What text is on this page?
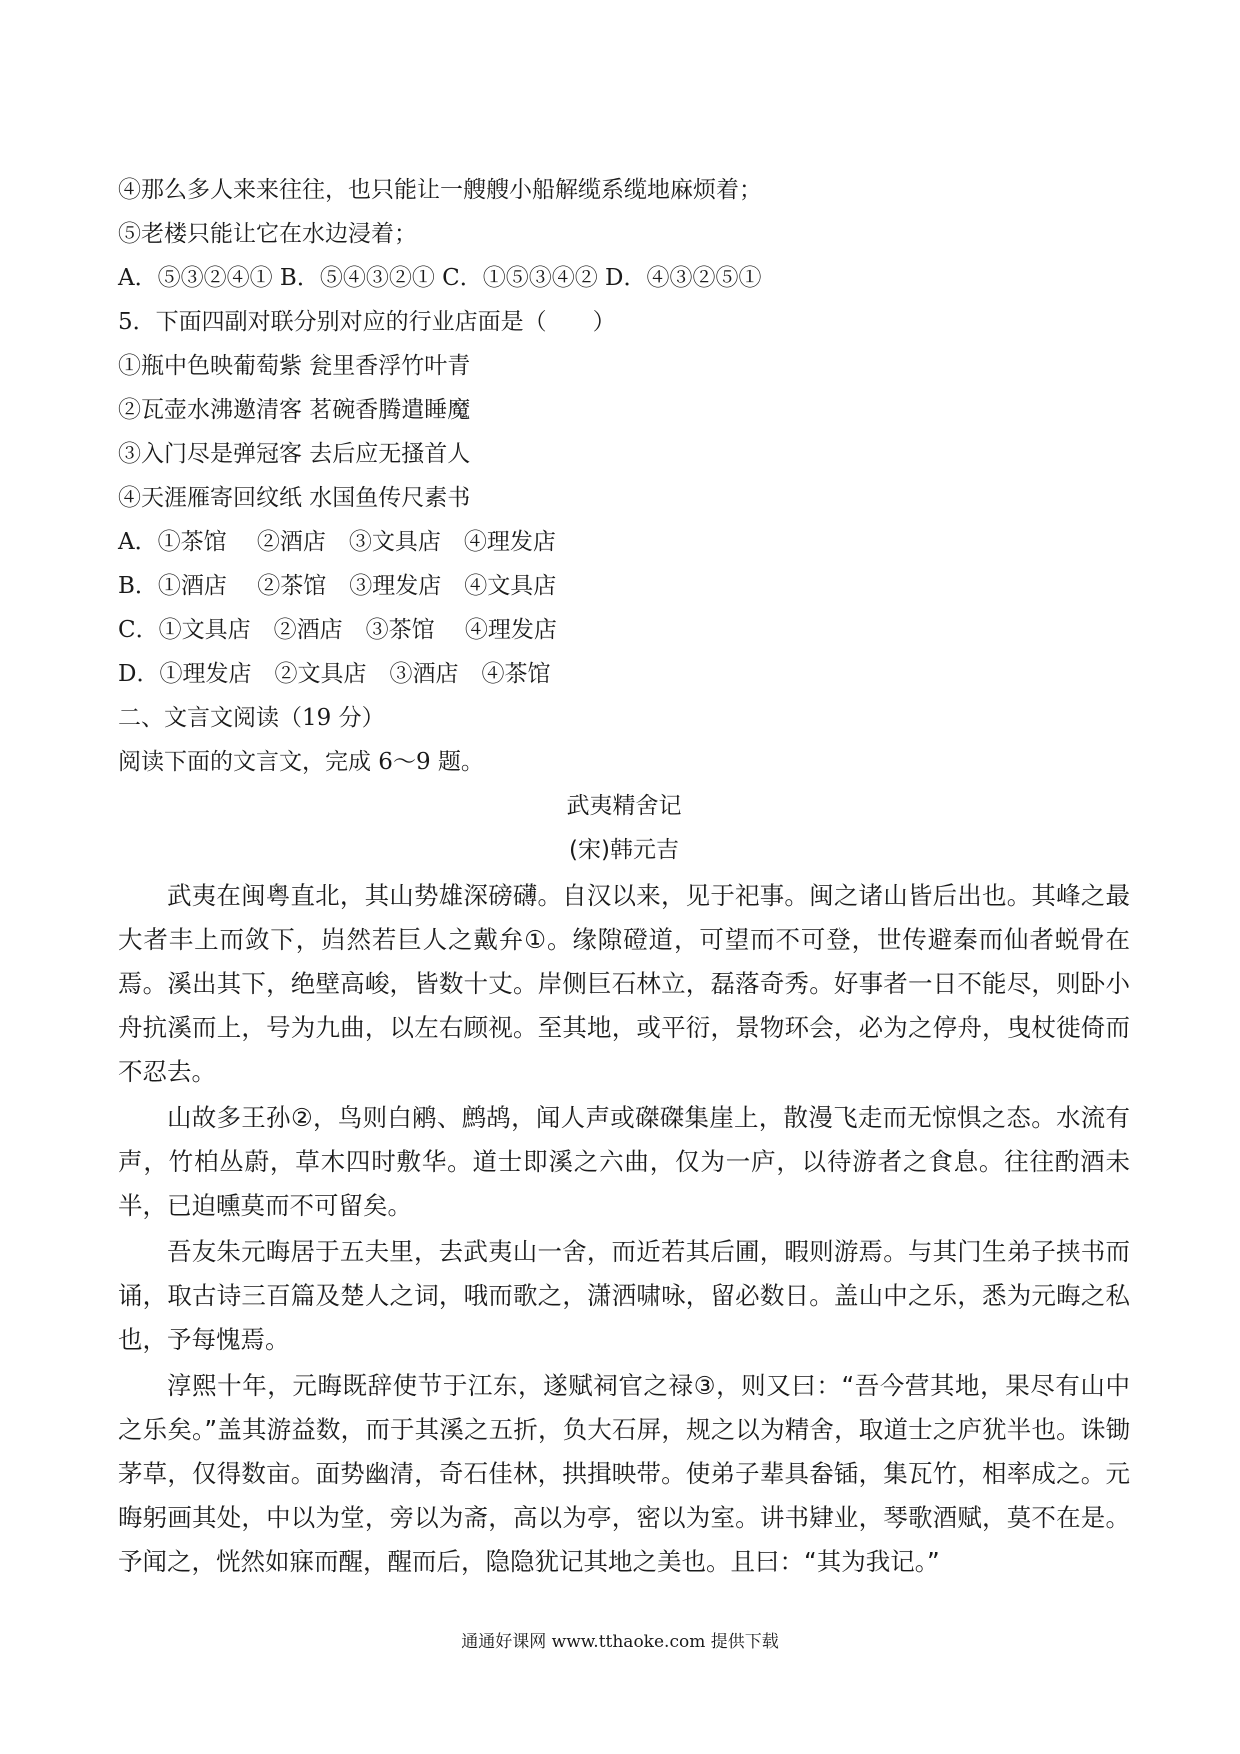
④那么多人来来往往，也只能让一艘艘小船解缆系缆地麻烦着；

⑤老楼只能让它在水边浸着；

A．⑤③②④① B．⑤④③②① C．①⑤③④② D．④③②⑤①

5．下面四副对联分别对应的行业店面是（　　）

①瓶中色映葡萄紫 瓮里香浮竹叶青

②瓦壶水沸邀清客 茗碗香腾遣睡魔

③入门尽是弹冠客 去后应无搔首人

④天涯雁寄回纹纸 水国鱼传尺素书

A．①茶馆　 ②酒店　③文具店　④理发店

B．①酒店　 ②茶馆　③理发店　④文具店

C．①文具店　②酒店　③茶馆　 ④理发店

D．①理发店　②文具店　③酒店　④茶馆

二、文言文阅读（19 分）

阅读下面的文言文，完成 6～9 题。

武夷精舍记

(宋)韩元吉

武夷在闽粤直北，其山势雄深磅礴。自汉以来，见于祀事。闽之诸山皆后出也。其峰之最大者丰上而敛下，岿然若巨人之戴弁①。缘隙磴道，可望而不可登，世传避秦而仙者蜕骨在焉。溪出其下，绝壁高峻，皆数十丈。岸侧巨石林立，磊落奇秀。好事者一日不能尽，则卧小舟抗溪而上，号为九曲，以左右顾视。至其地，或平衍，景物环会，必为之停舟，曳杖徙倚而不忍去。

山故多王孙②，鸟则白鹇、鹧鸪，闻人声或磔磔集崖上，散漫飞走而无惊惧之态。水流有声，竹柏丛蔚，草木四时敷华。道士即溪之六曲，仅为一庐，以待游者之食息。往往酌酒未半，已迫曛莫而不可留矣。

吾友朱元晦居于五夫里，去武夷山一舍，而近若其后圃，暇则游焉。与其门生弟子挟书而诵，取古诗三百篇及楚人之词，哦而歌之，潇洒啸咏，留必数日。盖山中之乐，悉为元晦之私也，予每愧焉。

淳熙十年，元晦既辞使节于江东，遂赋祠官之禄③，则又曰：“吾今营其地，果尽有山中之乐矣。”盖其游益数，而于其溪之五折，负大石屏，规之以为精舍，取道士之庐犹半也。诛锄茅草，仅得数亩。面势幽清，奇石佳林，拱揖映带。使弟子辈具畚锸，集瓦竹，相率成之。元晦躬画其处，中以为堂，旁以为斋，高以为亭，密以为室。讲书肄业，琴歌酒赋，莫不在是。予闻之，恍然如寐而醒，醒而后，隐隐犹记其地之美也。且曰：“其为我记。”

通通好课网 www.tthaoke.com 提供下载
